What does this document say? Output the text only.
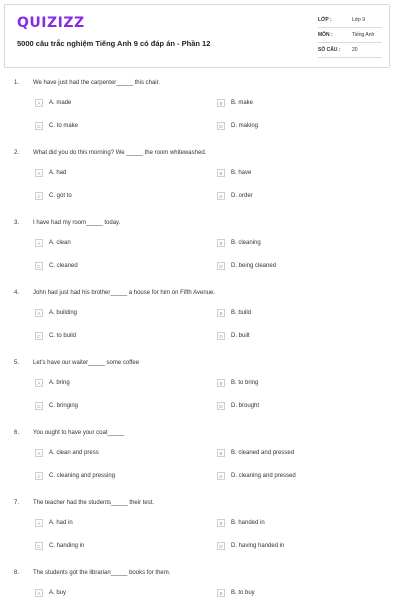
QUIZIZZ
5000 câu trắc nghiệm Tiếng Anh 9 có đáp án - Phần 12
LỚP :	Lớp 9
MÔN :	Tiếng Anh
SỐ CÂU : 20
1. We have just had the carpenter_____ this chair.
A A. made	B B. make
C C. to make	D D. making
2. What did you do this morning? We _____ the room whitewashed.
A A. had	B B. have
C C. got to	D D. order
3. I have had my room_____ today.
A A. clean	B B. cleaning
C C. cleaned	D D. being cleaned
4. John had just had his brother_____ a house for him on Fifth Avenue.
A A. building	B B. build
C C. to build	D D. built
5. Let's have our waiter_____ some coffee
A A. bring	B B. to bring
C C. bringing	D D. brought
6. You ought to have your coat_____
A A. clean and press	B B. cleaned and pressed
C C. cleaning and pressing	D D. cleaning and pressed
7. The teacher had the students_____ their test.
A A. had in	B B. handed in
C C. handing in	D D. having handed in
8. The students got the librarian_____ books for them.
A A. buy	B B. to buy
